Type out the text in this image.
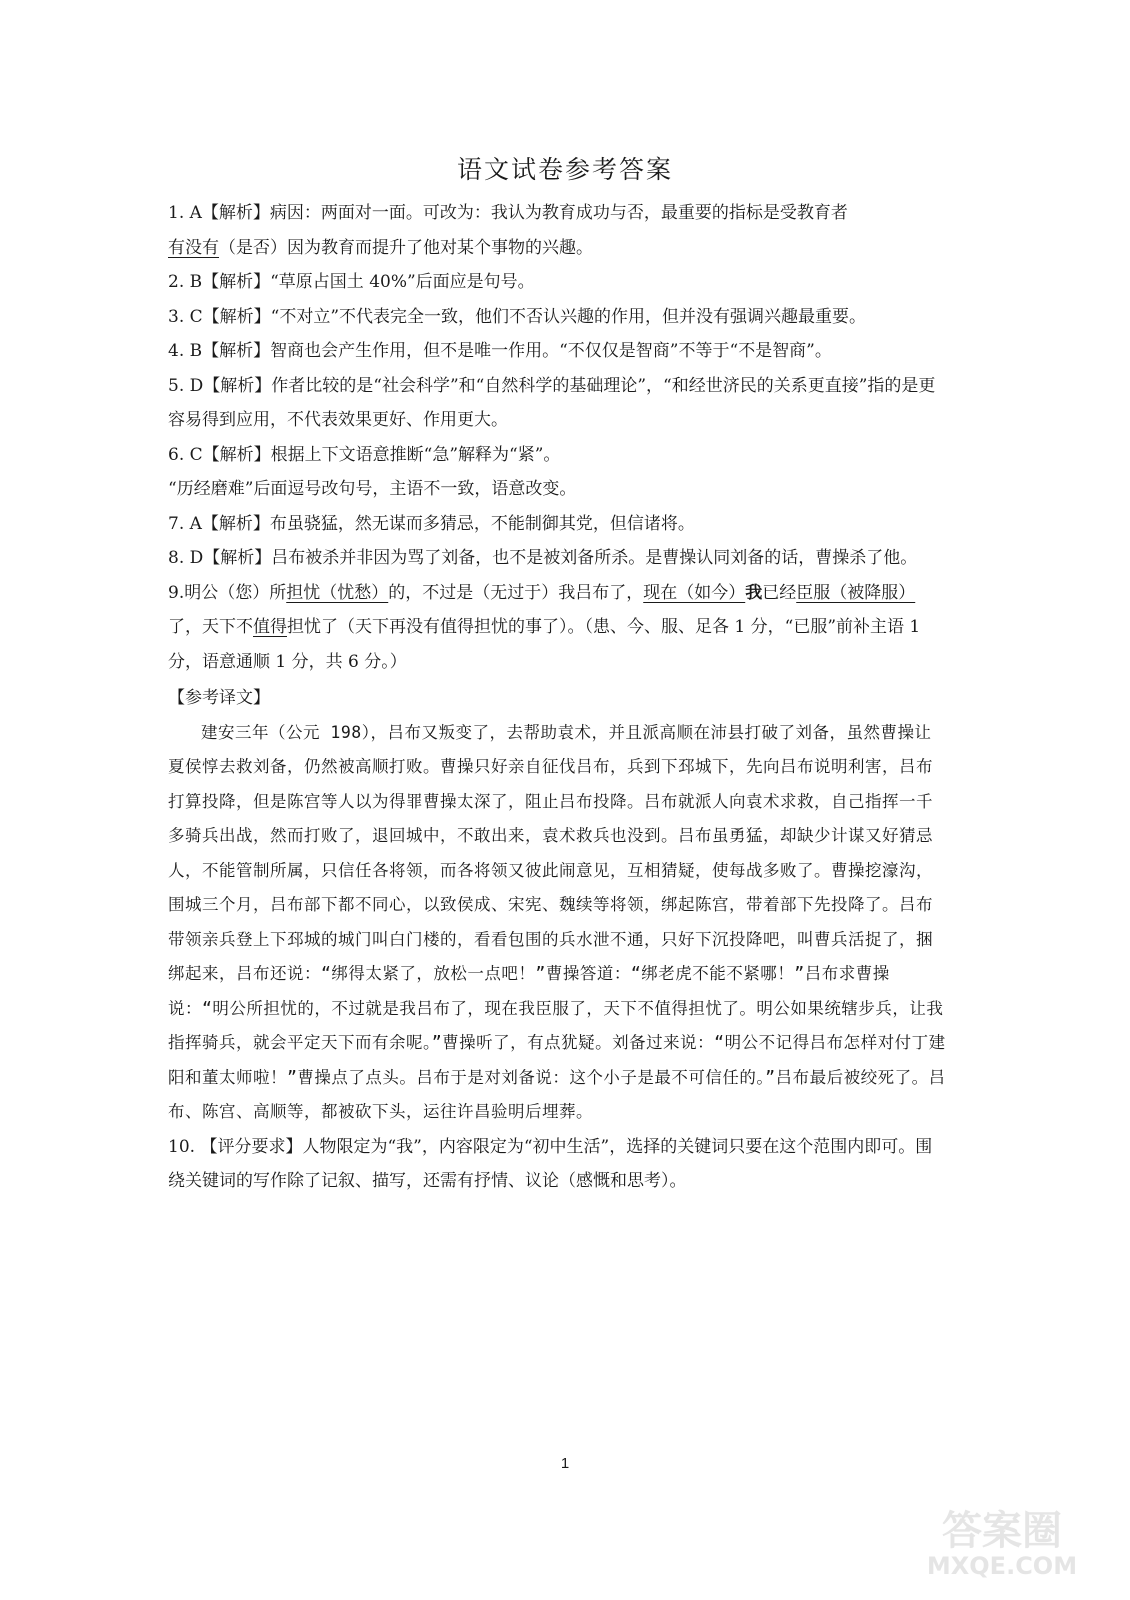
语文试卷参考答案

1. A【解析】病因：两面对一面。可改为：我认为教育成功与否，最重要的指标是受教育者
有没有（是否）因为教育而提升了他对某个事物的兴趣。

2. B【解析】“草原占国土 40%”后面应是句号。

3. C【解析】“不对立”不代表完全一致，他们不否认兴趣的作用，但并没有强调兴趣最重要。

4. B【解析】智商也会产生作用，但不是唯一作用。“不仅仅是智商”不等于“不是智商”。

5. D【解析】作者比较的是“社会科学”和“自然科学的基础理论”，“和经世济民的关系更直接”指的是更容易得到应用，不代表效果更好、作用更大。

6. C【解析】根据上下文语意推断“急”解释为“紧”。

“历经磨难”后面逗号改句号，主语不一致，语意改变。

7. A【解析】布虽骁猛，然无谋而多猜忌，不能制御其党，但信诸将。

8. D【解析】吕布被杀并非因为骂了刘备，也不是被刘备所杀。是曹操认同刘备的话，曹操杀了他。

9.明公（您）所担忧（忧愁）的，不过是（无过于）我吕布了，现在（如今）我已经臣服（被降服）了，天下不值得担忧了（天下再没有值得担忧的事了）。（患、今、服、足各 1 分，“已服”前补主语 1 分，语意通顺 1 分，共 6 分。）

【参考译文】

建安三年（公元 198），吕布又叛变了，去帮助袁术，并且派高顺在沛县打破了刘备，虽然曹操让夏侯惇去救刘备，仍然被高顺打败。曹操只好亲自征伐吕布，兵到下邳城下，先向吕布说明利害，吕布打算投降，但是陈宫等人以为得罪曹操太深了，阻止吕布投降。吕布就派人向袁术求救，自己指挥一千多骑兵出战，然而打败了，退回城中，不敢出来，袁术救兵也没到。吕布虽勇猛，却缺少计谋又好猜忌人，不能管制所属，只信任各将领，而各将领又彼此闹意见，互相猜疑，使每战多败了。曹操挖濠沟，围城三个月，吕布部下都不同心，以致侯成、宋宪、魏续等将领，绑起陈宫，带着部下先投降了。吕布带领亲兵登上下邳城的城门叫白门楼的，看看包围的兵水泄不通，只好下沉投降吧，叫曹兵活捉了，捆绑起来，吕布还说：“绑得太紧了，放松一点吧！”曹操答道：“绑老虎不能不紧哪！”吕布求曹操说：“明公所担忧的，不过就是我吕布了，现在我臣服了，天下不值得担忧了。明公如果统辖步兵，让我指挥骑兵，就会平定天下而有余呢。”曹操听了，有点犹疑。刘备过来说：“明公不记得吕布怎样对付丁建阳和董太师啦！”曹操点了点头。吕布于是对刘备说：这个小子是最不可信任的。”吕布最后被绞死了。吕布、陈宫、高顺等，都被砍下头，运往许昌验明后埋葬。

10. 【评分要求】人物限定为“我”，内容限定为“初中生活”，选择的关键词只要在这个范围内即可。围绕关键词的写作除了记叙、描写，还需有抒情、议论（感慨和思考）。

1
答案圈
MXQE.COM
